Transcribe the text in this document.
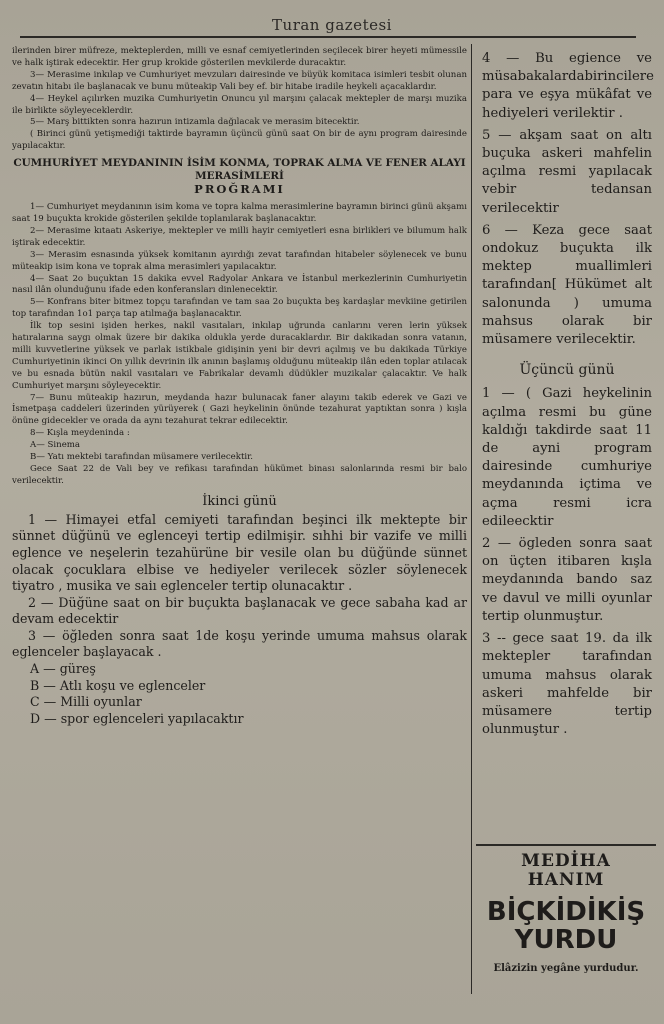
Turan gazetesi

ilerinden birer müfreze, mekteplerden, milli ve esnaf cemiyetlerinden seçilecek birer heyeti mümessile ve halk iştirak edecektir. Her grup krokide gösterilen mevkilerde duracaktır.

3— Merasime inkılap ve Cumhuriyet mevzuları dairesinde ve büyük komitaca isimleri tesbit olunan zevatın hitabı ile başlanacak ve bunu müteakip Vali bey ef. bir hitabe iradile heykeli açacaklardır.

4— Heykel açılırken muzika Cumhuriyetin Onuncu yıl marşını çalacak mektepler de marşı muzika ile birlikte söyleyeceklerdir.

5— Marş bittikten sonra hazırun intizamla dağılacak ve merasim bitecektir.

( Birinci günü yetişmediği taktirde bayramın üçüncü günü saat On bir de aynı program dairesinde yapılacaktır.

CUMHURİYET MEYDANININ İSİM KONMA, TOPRAK ALMA VE FENER ALAYI MERASİMLERİ
PROĞRAMI

1— Cumhuriyet meydanının isim koma ve topra kalma merasimlerine bayramın birinci günü akşamı saat 19 buçukta krokide gösterilen şekilde toplanılarak başlanacaktır.

2— Merasime kıtaatı Askeriye, mektepler ve milli hayir cemiyetleri esna birlikleri ve bilumum halk iştirak edecektir.

3— Merasim esnasında yüksek komitanın ayırdığı zevat tarafından hitabeler söylenecek ve bunu müteakip isim kona ve toprak alma merasimleri yapılacaktır.

4— Saat 2o buçuktan 15 dakika evvel Radyolar Ankara ve İstanbul merkezlerinin Cumhuriyetin nasıl ilân olunduğunu ifade eden konferansları dinlenecektir.

5— Konfrans biter bitmez topçu tarafından ve tam saa 2o buçukta beş kardaşlar mevkiine getirilen top tarafından 1o1 parça tap atılmağa başlanacaktır.

İlk top sesini işiden herkes, nakil vasıtaları, inkılap uğrunda canlarını veren lerin yüksek hatıralarına saygı olmak üzere bir dakika oldukla yerde duracaklardır. Bir dakikadan sonra vatanın, milli kuvvetlerine yüksek ve parlak istikbale gidişinin yeni bir devri açılmış ve bu dakikada Türkiye Cumhuriyetinin ikinci On yıllık devrinin ilk anının başlamış olduğunu müteakip ilân eden toplar atılacak ve bu esnada bütün nakil vasıtaları ve Fabrikalar devamlı düdükler muzikalar çalacaktır. Ve halk Cumhuriyet marşını söyleyecektir.

7— Bunu müteakip hazırun, meydanda hazır bulunacak faner alayını takib ederek ve Gazi ve İsmetpaşa caddeleri üzerinden yürüyerek ( Gazi heykelinin önünde tezahurat yaptıktan sonra ) kışla önüne gidecekler ve orada da aynı tezahurat tekrar edilecektir.

8— Kışla meydeninda :

A— Sinema

B— Yatı mektebi tarafından müsamere verilecektir.

Gece Saat 22 de Vali bey ve refikası tarafından hükümet binası salonlarında resmi bir balo verilecektir.

İkinci günü

1 — Himayei etfal cemiyeti tarafından beşinci ilk mektepte bir sünnet düğünü ve eglenceyi tertip edilmişir. sıhhi bir vazife ve milli eglence ve neşelerin tezahürüne bir vesile olan bu düğünde sünnet olacak çocuklara elbise ve hediyeler verilecek sözler söylenecek tiyatro , musika ve saiı eglenceler tertip olunacaktır .

2 — Düğüne saat on bir buçukta başlanacak ve gece sabaha kad ar devam edecektir

3 — öğleden sonra saat 1de koşu yerinde umuma mahsus olarak eglenceler başlayacak .

A — güreş

B — Atlı koşu ve eglenceler

C — Milli oyunlar

D — spor eglenceleri yapılacaktır

4 — Bu egience ve müsabakalardabirincilere para ve eşya mükâfat ve hediyeleri verilektir .

5 — akşam saat on altı buçuka askeri mahfelin açılma resmi yapılacak vebir tedansan verilecektir

6 — Keza gece saat ondokuz buçukta ilk mektep muallimleri tarafından[ Hükümet alt salonunda ) umuma mahsus olarak bir müsamere verilecektir.

Üçüncü günü

1 — ( Gazi heykelinin açılma resmi bu güne kaldığı takdirde saat 11 de ayni program dairesinde cumhuriye meydanında içtima ve açma resmi icra edileecktir

2 — ögleden sonra saat on üçten itibaren kışla meydanında bando saz ve davul ve milli oyunlar tertip olunmuştur.

3 -- gece saat 19. da ilk mektepler tarafından umuma mahsus olarak askeri mahfelde bir müsamere tertip olunmuştur .

MEDİHA
HANIM
BİÇKİDİKİŞ
YURDU
Elâzizin yegâne yurdudur.
